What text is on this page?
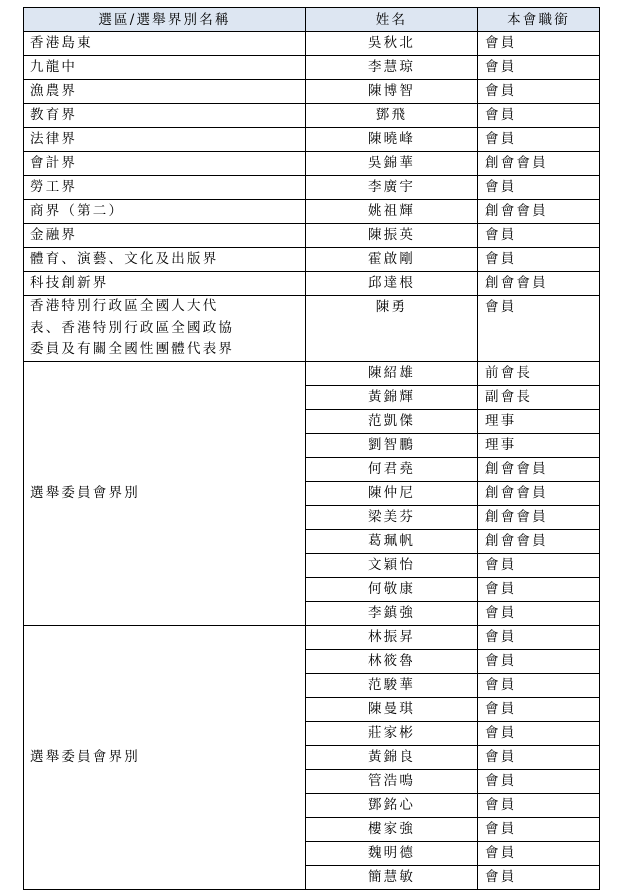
選區/選舉界別名稱	姓名	本會職銜
香港島東	吳秋北	會員
九龍中	李慧琼	會員
漁農界	陳博智	會員
教育界	鄧飛	會員
法律界	陳曉峰	會員
會計界	吳錦華	創會會員
勞工界	李廣宇	會員
商界（第二）	姚祖輝	創會會員
金融界	陳振英	會員
體育、演藝、文化及出版界	霍啟剛	會員
科技創新界	邱達根	創會會員

香港特別行政區全國人大代
表、香港特別行政區全國政協
委員及有關全國性團體代表界	陳勇	會員
選舉委員會界別	陳紹雄	前會長
	黃錦輝	副會長
	范凱傑	理事
	劉智鵬	理事
	何君堯	創會會員
	陳仲尼	創會會員
	梁美芬	創會會員
	葛珮帆	創會會員
	文穎怡	會員
	何敬康	會員
	李鎮強	會員
選舉委員會界別	林振昇	會員
	林筱魯	會員
	范駿華	會員
	陳曼琪	會員
	莊家彬	會員
	黃錦良	會員
	管浩鳴	會員
	鄧銘心	會員
	樓家強	會員
	魏明德	會員
	簡慧敏	會員
